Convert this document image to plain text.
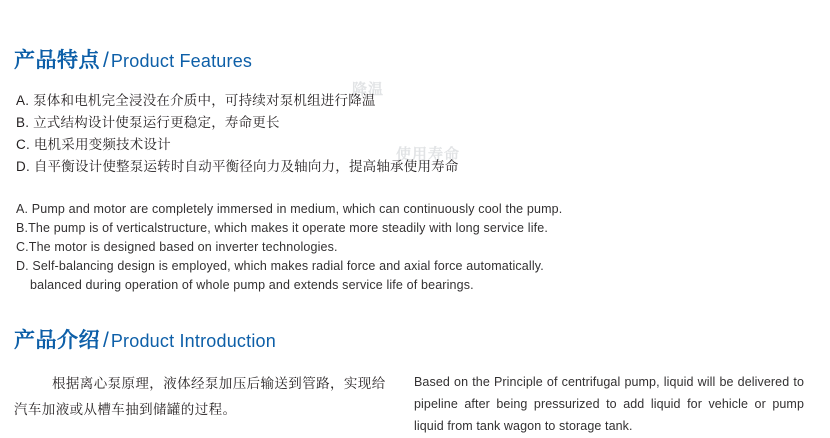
产品特点 / Product Features
A. 泵体和电机完全浸没在介质中，可持续对泵机组进行降温
B. 立式结构设计使泵运行更稳定，寿命更长
C. 电机采用变频技术设计
D. 自平衡设计使整泵运转时自动平衡径向力及轴向力，提高轴承使用寿命
A. Pump and motor are completely immersed in medium, which can continuously cool the pump.
B.The pump is of verticalstructure, which makes it operate more steadily with long service life.
C.The motor is designed based on inverter technologies.
D. Self-balancing design is employed, which makes radial force and axial force automatically.
balanced during operation of whole pump and extends service life of bearings.
产品介绍 / Product Introduction
根据离心泵原理，液体经泵加压后输送到管路，实现给汽车加液或从槽车抽到储罐的过程。
Based on the Principle of centrifugal pump, liquid will be delivered to pipeline after being pressurized to add liquid for vehicle or pump liquid from tank wagon to storage tank.
降温
使用寿命
